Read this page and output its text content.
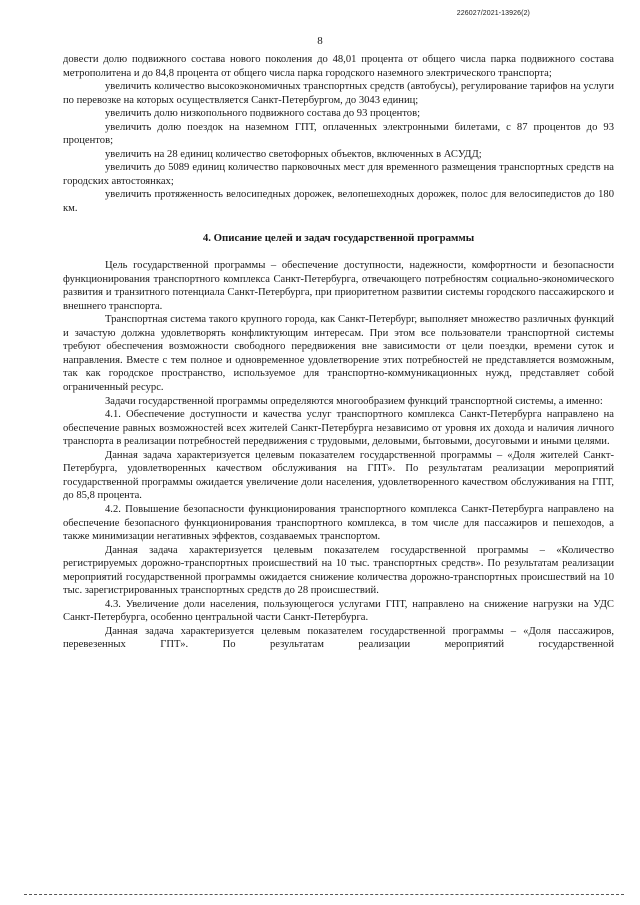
226027/2021-13926(2)
8

довести долю подвижного состава нового поколения до 48,01 процента от общего числа парка подвижного состава метрополитена и до 84,8 процента от общего числа парка городского наземного электрического транспорта;

увеличить количество высокоэкономичных транспортных средств (автобусы), регулирование тарифов на услуги по перевозке на которых осуществляется Санкт-Петербургом, до 3043 единиц;

увеличить долю низкопольного подвижного состава до 93 процентов;

увеличить долю поездок на наземном ГПТ, оплаченных электронными билетами, с 87 процентов до 93 процентов;

увеличить на 28 единиц количество светофорных объектов, включенных в АСУДД;

увеличить до 5089 единиц количество парковочных мест для временного размещения транспортных средств на городских автостоянках;

увеличить протяженность велосипедных дорожек, велопешеходных дорожек, полос для велосипедистов до 180 км.

4. Описание целей и задач государственной программы

Цель государственной программы – обеспечение доступности, надежности, комфортности и безопасности функционирования транспортного комплекса Санкт-Петербурга, отвечающего потребностям социально-экономического развития и транзитного потенциала Санкт-Петербурга, при приоритетном развитии системы городского пассажирского и внешнего транспорта.

Транспортная система такого крупного города, как Санкт-Петербург, выполняет множество различных функций и зачастую должна удовлетворять конфликтующим интересам. При этом все пользователи транспортной системы требуют обеспечения возможности свободного передвижения вне зависимости от цели поездки, времени суток и направления. Вместе с тем полное и одновременное удовлетворение этих потребностей не представляется возможным, так как городское пространство, используемое для транспортно-коммуникационных нужд, представляет собой ограниченный ресурс.

Задачи государственной программы определяются многообразием функций транспортной системы, а именно:

4.1. Обеспечение доступности и качества услуг транспортного комплекса Санкт-Петербурга направлено на обеспечение равных возможностей всех жителей Санкт-Петербурга независимо от уровня их дохода и наличия личного транспорта в реализации потребностей передвижения с трудовыми, деловыми, бытовыми, досуговыми и иными целями.

Данная задача характеризуется целевым показателем государственной программы – «Доля жителей Санкт-Петербурга, удовлетворенных качеством обслуживания на ГПТ». По результатам реализации мероприятий государственной программы ожидается увеличение доли населения, удовлетворенного качеством обслуживания на ГПТ, до 85,8 процента.

4.2. Повышение безопасности функционирования транспортного комплекса Санкт-Петербурга направлено на обеспечение безопасного функционирования транспортного комплекса, в том числе для пассажиров и пешеходов, а также минимизации негативных эффектов, создаваемых транспортом.

Данная задача характеризуется целевым показателем государственной программы – «Количество регистрируемых дорожно-транспортных происшествий на 10 тыс. транспортных средств». По результатам реализации мероприятий государственной программы ожидается снижение количества дорожно-транспортных происшествий на 10 тыс. зарегистрированных транспортных средств до 28 происшествий.

4.3. Увеличение доли населения, пользующегося услугами ГПТ, направлено на снижение нагрузки на УДС Санкт-Петербурга, особенно центральной части Санкт-Петербурга.

Данная задача характеризуется целевым показателем государственной программы – «Доля пассажиров, перевезенных ГПТ». По результатам реализации мероприятий государственной
